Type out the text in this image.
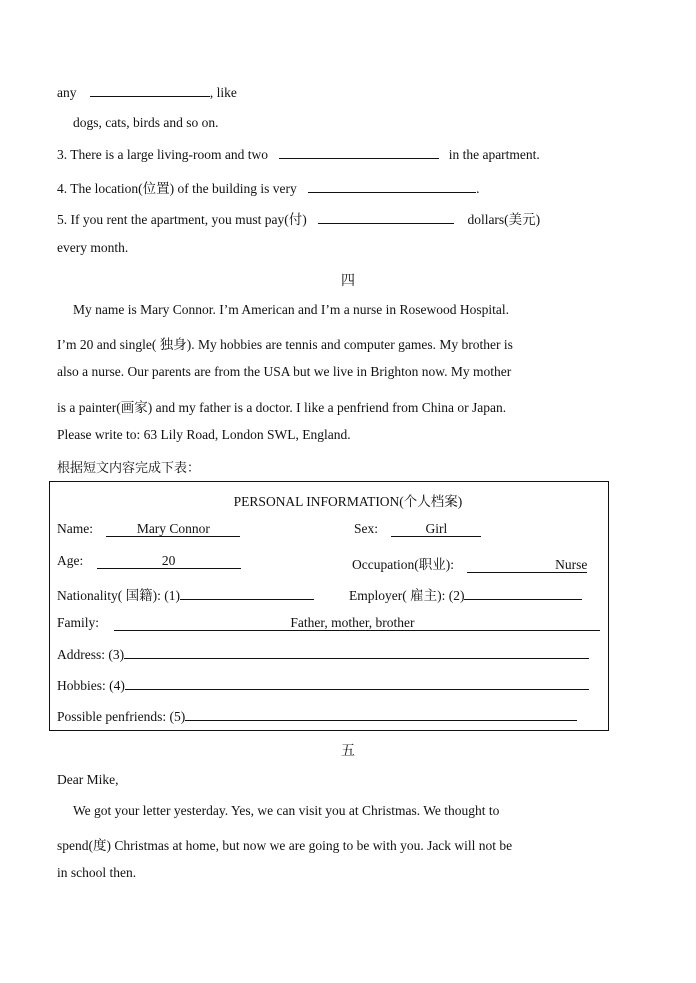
any	, like
dogs, cats, birds and so on.
3. There is a large living-room and two	in the apartment.
4. The location(位置) of the building is very	.
5. If you rent the apartment, you must pay(付)	dollars(美元)
every month.
四
My name is Mary Connor. I’m American and I’m a nurse in Rosewood Hospital.
I’m 20 and single( 独身). My hobbies are tennis and computer games. My brother is
also a nurse. Our parents are from the USA but we live in Brighton now. My mother
is a painter(画家) and my father is a doctor. I like a penfriend from China or Japan.
Please write to: 63 Lily Road, London SWL, England.
根据短文内容完成下表：
PERSONAL INFORMATION(个人档案)
Name:	Mary Connor	Sex:	Girl
Age:	20	Occupation(职业):	Nurse
Nationality( 国籍): (1)	Employer( 雇主): (2)
Family:	Father, mother, brother
Address: (3)
Hobbies: (4)
Possible penfriends: (5)
五
Dear Mike,
We got your letter yesterday. Yes, we can visit you at Christmas. We thought to
spend(度) Christmas at home, but now we are going to be with you. Jack will not be
in school then.
